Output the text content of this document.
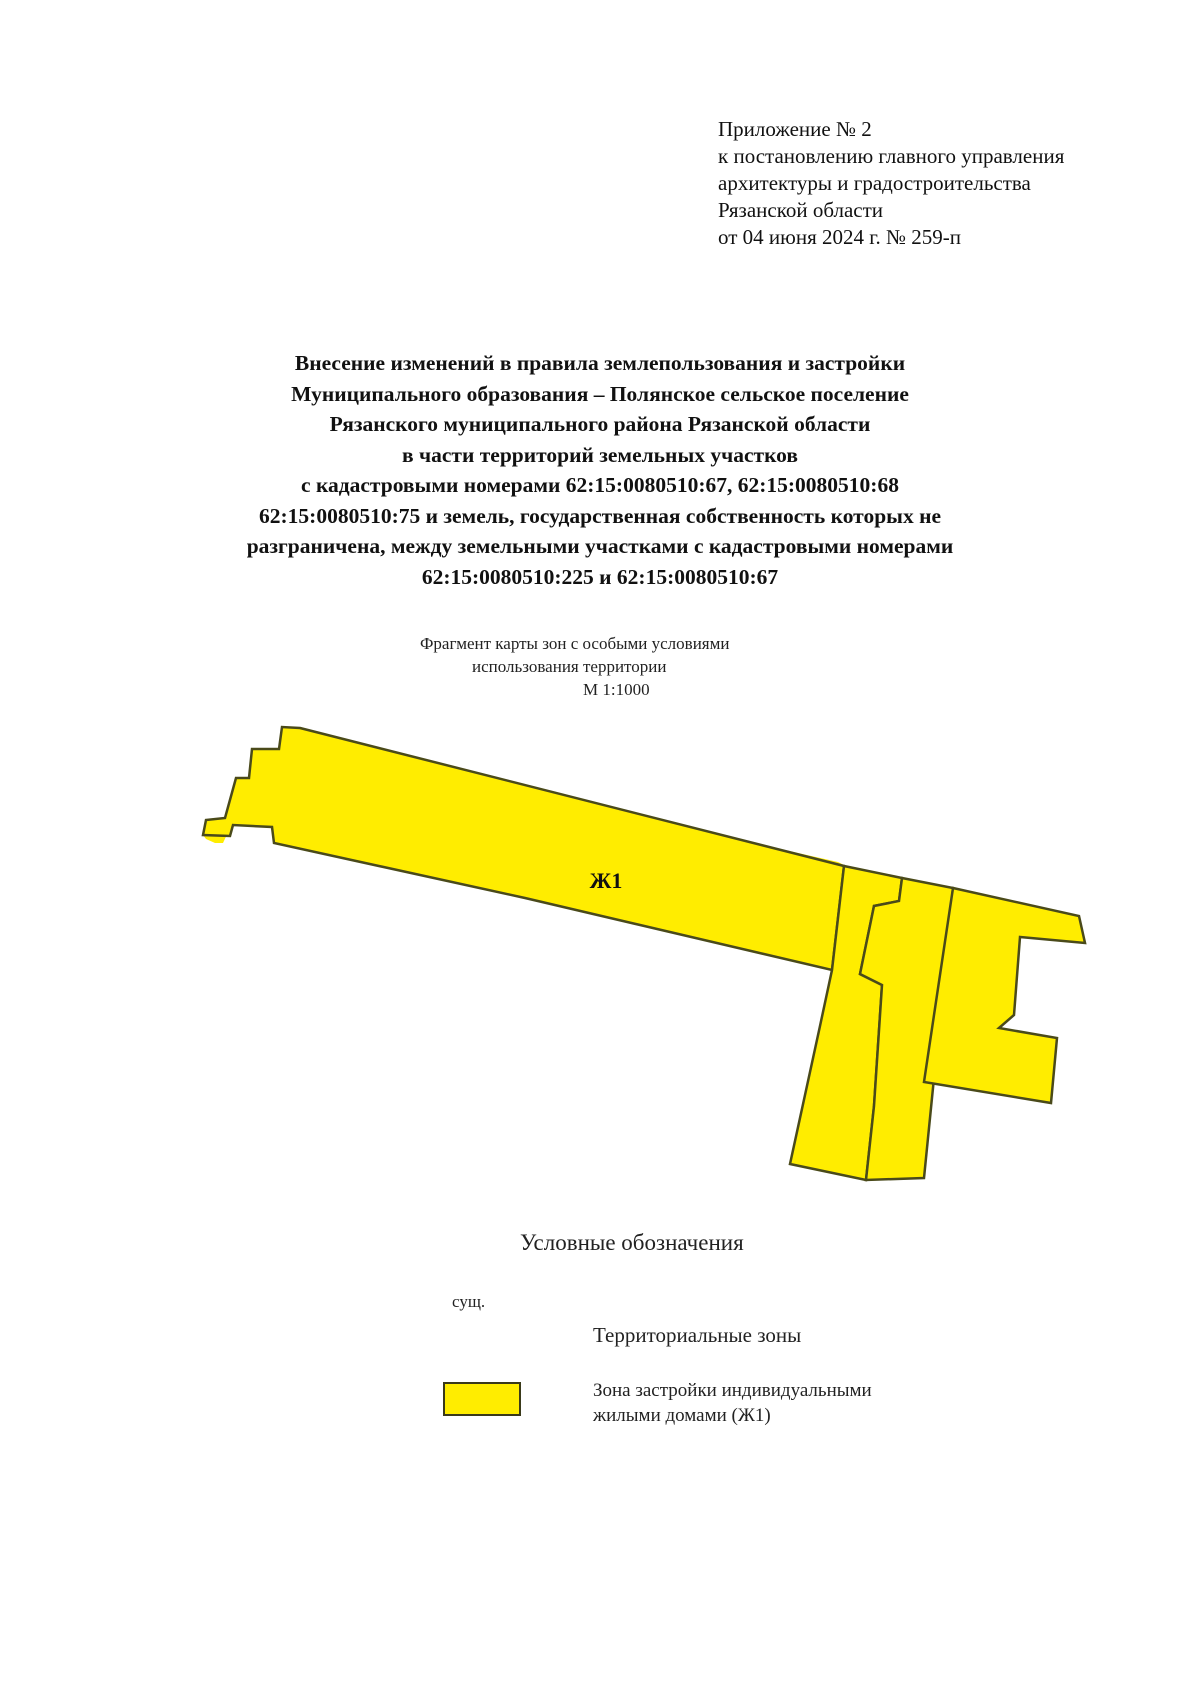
Приложение № 2
к постановлению главного управления
архитектуры и градостроительства
Рязанской области
от 04 июня 2024 г. № 259-п
Внесение изменений в правила землепользования и застройки
Муниципального образования – Полянское сельское поселение
Рязанского муниципального района Рязанской области
в части территорий земельных участков
с кадастровыми номерами 62:15:0080510:67, 62:15:0080510:68
62:15:0080510:75 и земель, государственная собственность которых не
разграничена, между земельными участками с кадастровыми номерами
62:15:0080510:225 и 62:15:0080510:67
Фрагмент карты зон с особыми условиями
использования территории
М 1:1000
Ж1
Условные обозначения
сущ.
Территориальные зоны
Зона застройки индивидуальными
жилыми домами (Ж1)
